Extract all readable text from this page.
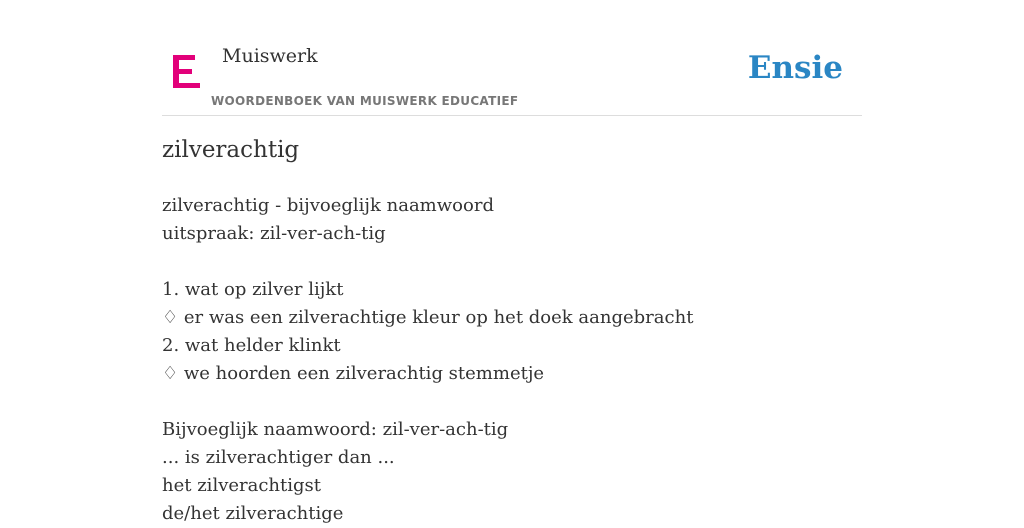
Muiswerk
WOORDENBOEK VAN MUISWERK EDUCATIEF
Ensie
zilverachtig
zilverachtig - bijvoeglijk naamwoord
uitspraak: zil-ver-ach-tig
1. wat op zilver lijkt
♢ er was een zilverachtige kleur op het doek aangebracht
2. wat helder klinkt
♢ we hoorden een zilverachtig stemmetje
Bijvoeglijk naamwoord: zil-ver-ach-tig
... is zilverachtiger dan ...
het zilverachtigst
de/het zilverachtige
